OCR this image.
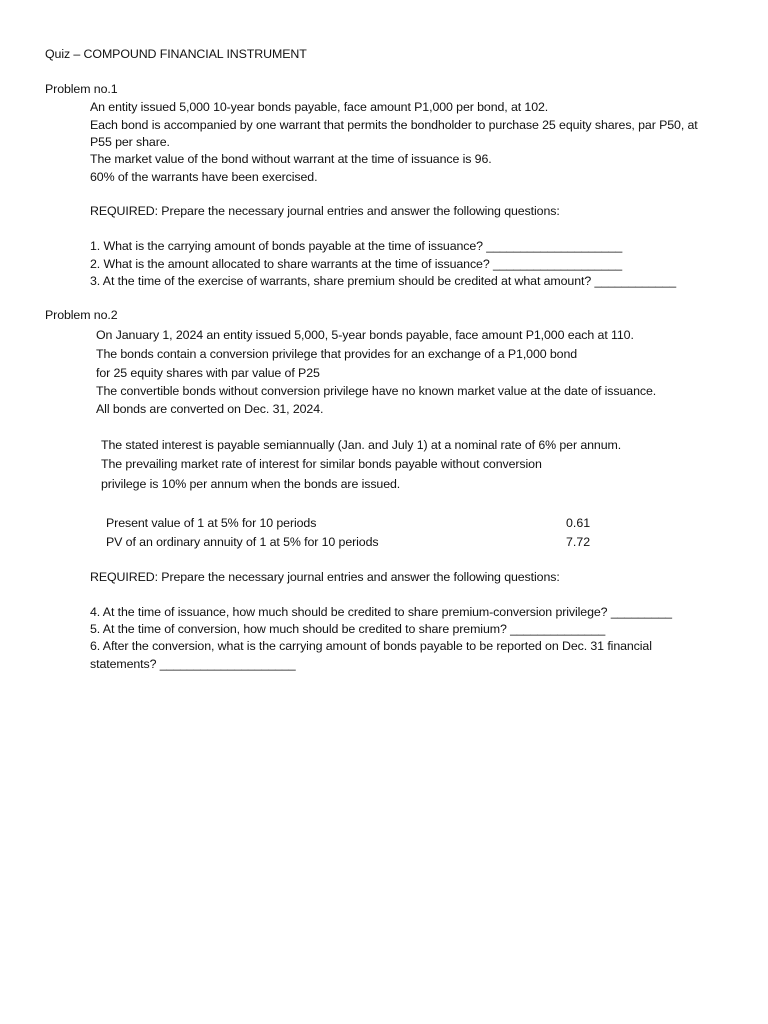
Quiz – COMPOUND FINANCIAL INSTRUMENT
Problem no.1
An entity issued 5,000 10-year bonds payable, face amount P1,000 per bond, at 102.
Each bond is accompanied by one warrant that permits the bondholder to purchase 25 equity shares, par P50, at
P55 per share.
The market value of the bond without warrant at the time of issuance is 96.
60% of the warrants have been exercised.
REQUIRED: Prepare the necessary journal entries and answer the following questions:
1. What is the carrying amount of bonds payable at the time of issuance? ____________________
2. What is the amount allocated to share warrants at the time of issuance? ___________________
3. At the time of the exercise of warrants, share premium should be credited at what amount? ____________
Problem no.2
On January 1, 2024 an entity issued 5,000, 5-year bonds payable, face amount P1,000 each at 110.
The bonds contain a conversion privilege that provides for an exchange of a P1,000 bond
for 25 equity shares with par value of P25
The convertible bonds without conversion privilege have no known market value at the date of issuance.
All bonds are converted on Dec. 31, 2024.
The stated interest is payable semiannually (Jan. and July 1) at a nominal rate of 6% per annum.
The prevailing market rate of interest for similar bonds payable without conversion
privilege is 10% per annum when the bonds are issued.
Present value of 1 at 5% for 10 periods	0.61
PV of an ordinary annuity of 1 at 5% for 10 periods	7.72
REQUIRED: Prepare the necessary journal entries and answer the following questions:
4. At the time of issuance, how much should be credited to share premium-conversion privilege? _________
5. At the time of conversion, how much should be credited to share premium? ______________
6. After the conversion, what is the carrying amount of bonds payable to be reported on Dec. 31 financial
statements? ____________________
